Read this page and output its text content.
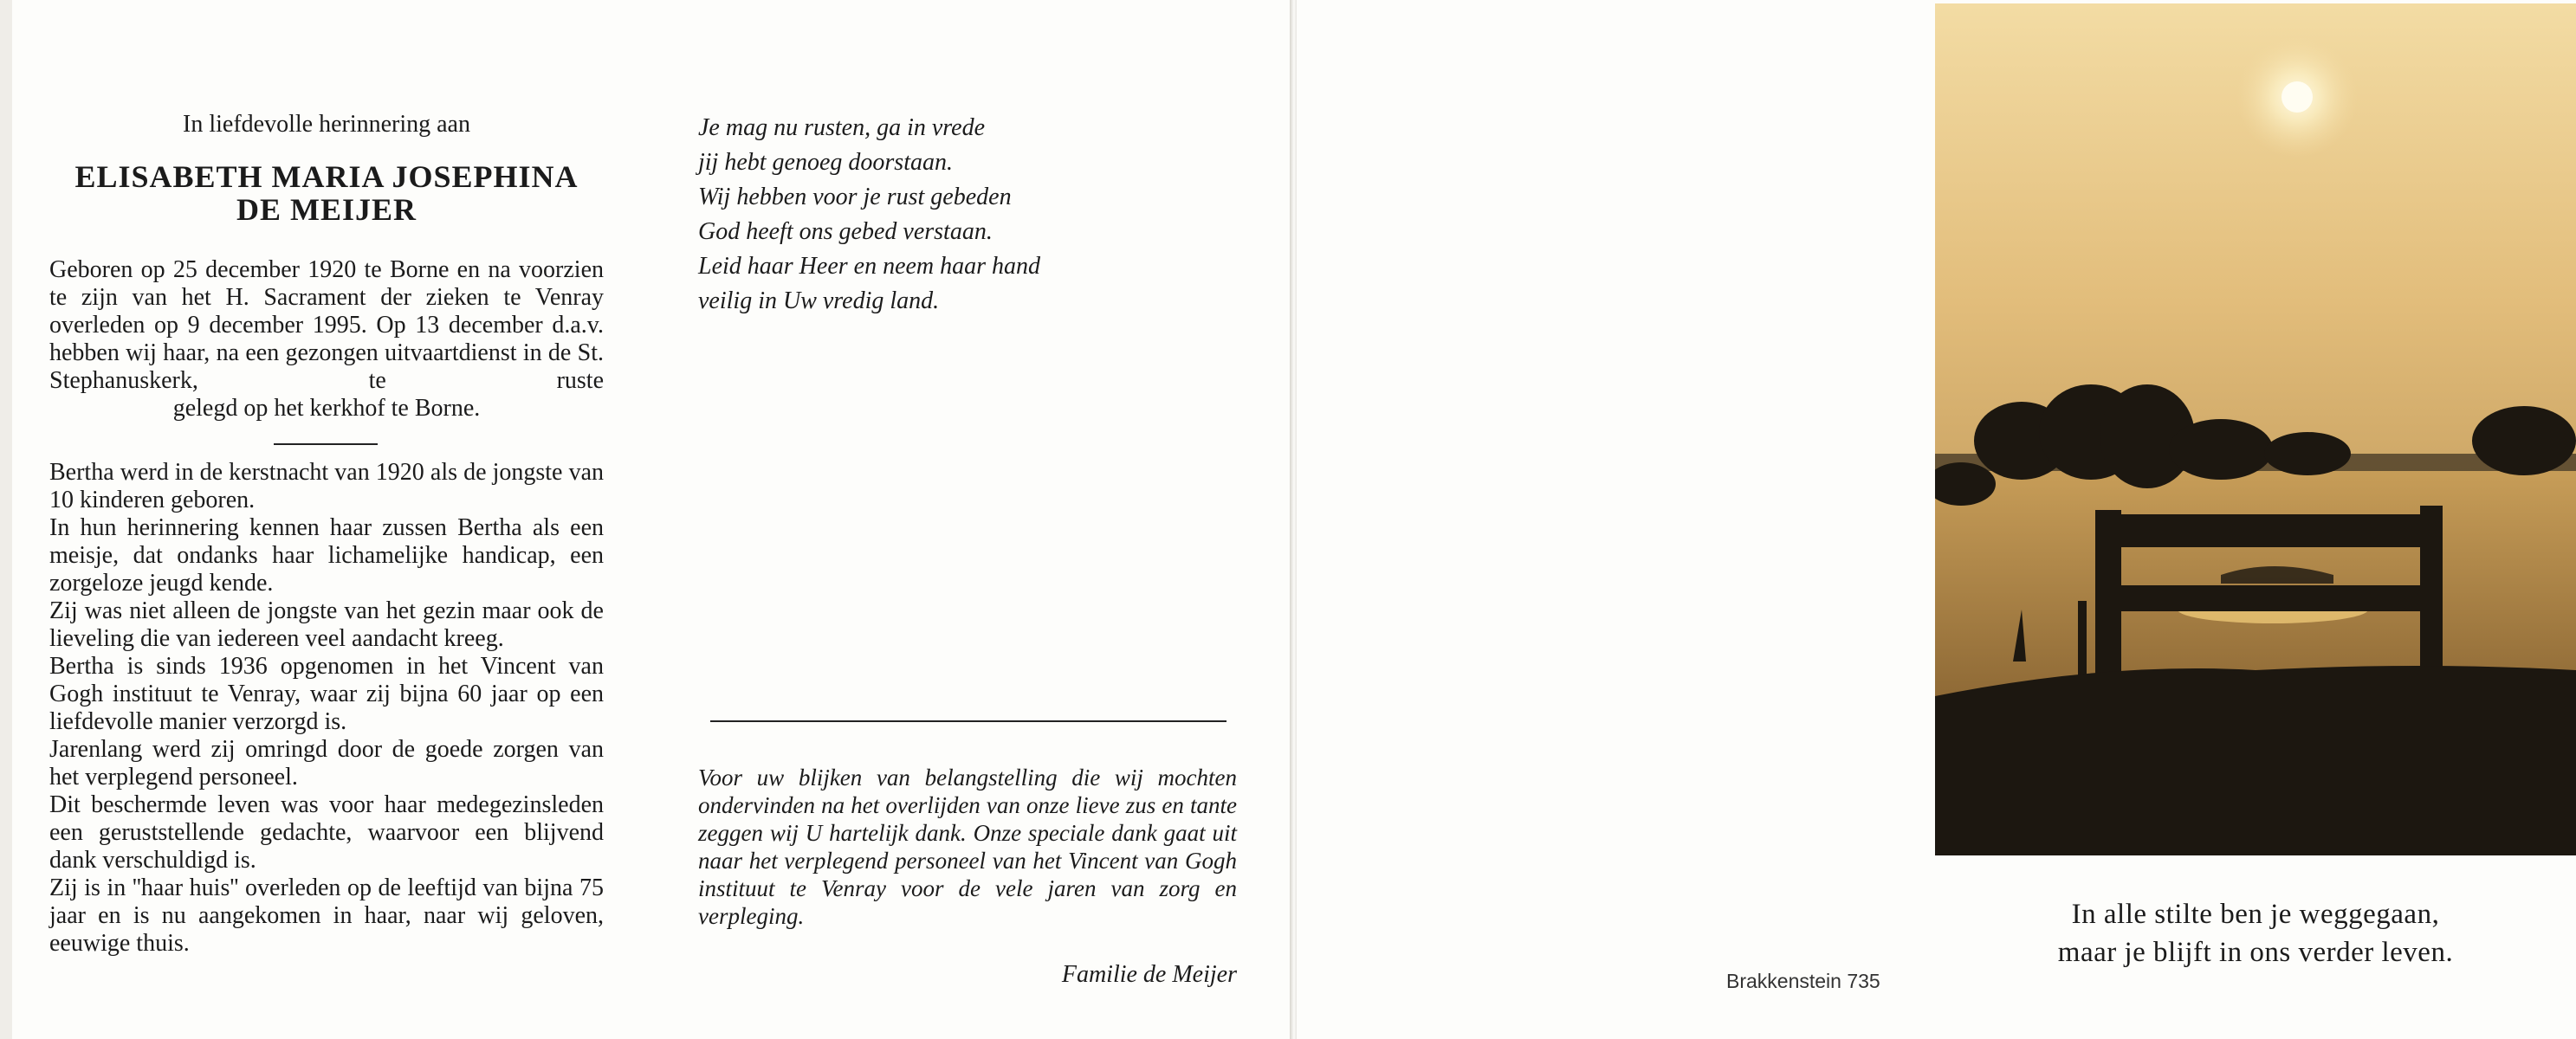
In liefdevolle herinnering aan
ELISABETH MARIA JOSEPHINA
DE MEIJER
Geboren op 25 december 1920 te Borne en na voorzien te zijn van het H. Sacrament der zieken te Venray overleden op 9 december 1995. Op 13 december d.a.v. hebben wij haar, na een gezongen uitvaartdienst in de St. Stephanuskerk, te ruste
gelegd op het kerkhof te Borne.
Bertha werd in de kerstnacht van 1920 als de jongste van 10 kinderen geboren.
In hun herinnering kennen haar zussen Bertha als een meisje, dat ondanks haar lichamelijke handicap, een zorgeloze jeugd kende.
Zij was niet alleen de jongste van het gezin maar ook de lieveling die van iedereen veel aandacht kreeg.
Bertha is sinds 1936 opgenomen in het Vincent van Gogh instituut te Venray, waar zij bijna 60 jaar op een liefdevolle manier verzorgd is.
Jarenlang werd zij omringd door de goede zorgen van het verplegend personeel.
Dit beschermde leven was voor haar medegezinsleden een geruststellende gedachte, waarvoor een blijvend dank verschuldigd is.
Zij is in ''haar huis'' overleden op de leeftijd van bijna 75 jaar en is nu aangekomen in haar, naar wij geloven, eeuwige thuis.
Je mag nu rusten, ga in vrede
jij hebt genoeg doorstaan.
Wij hebben voor je rust gebeden
God heeft ons gebed verstaan.
Leid haar Heer en neem haar hand
veilig in Uw vredig land.
Voor uw blijken van belangstelling die wij mochten ondervinden na het overlijden van onze lieve zus en tante zeggen wij U hartelijk dank. Onze speciale dank gaat uit naar het verplegend personeel van het Vincent van Gogh instituut te Venray voor de vele jaren van zorg en verpleging.
Familie de Meijer	Brakkenstein 735
In alle stilte ben je weggegaan,
maar je blijft in ons verder leven.
